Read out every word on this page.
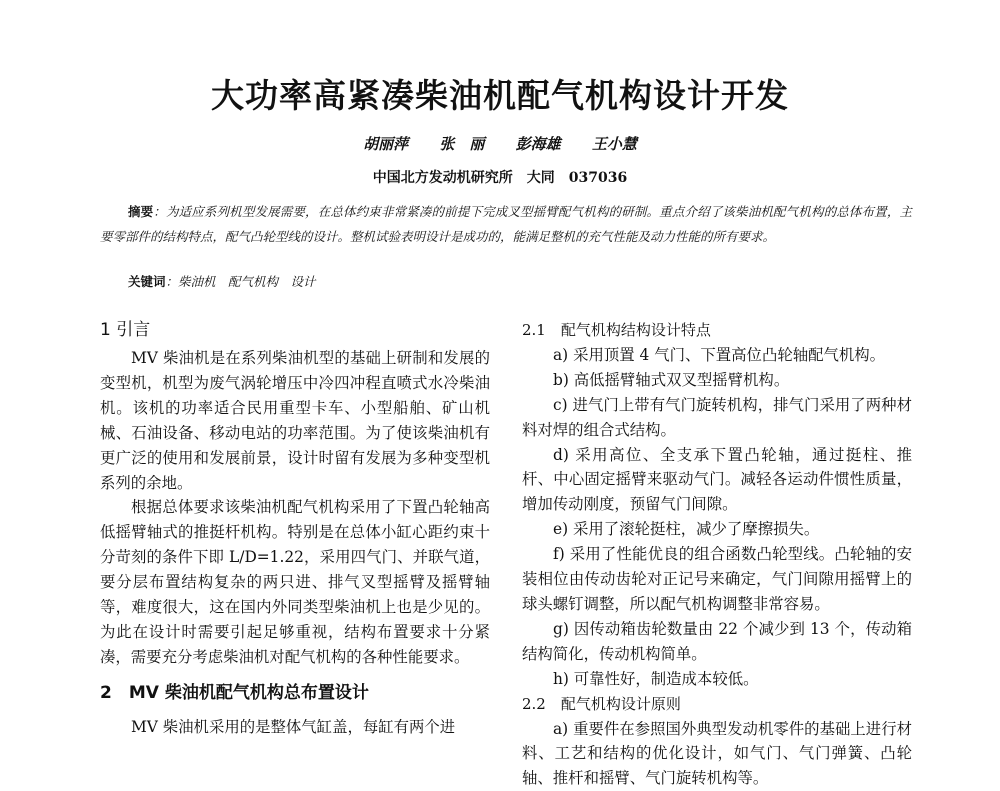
大功率高紧凑柴油机配气机构设计开发
胡丽萍 张　丽 彭海雄 王小慧
中国北方发动机研究所　大同　037036
摘要：为适应系列机型发展需要，在总体约束非常紧凑的前提下完成叉型摇臂配气机构的研制。重点介绍了该柴油机配气机构的总体布置，主要零部件的结构特点，配气凸轮型线的设计。整机试验表明设计是成功的，能满足整机的充气性能及动力性能的所有要求。
关键词：柴油机　配气机构　设计
1 引言

MV 柴油机是在系列柴油机型的基础上研制和发展的变型机，机型为废气涡轮增压中冷四冲程直喷式水冷柴油机。该机的功率适合民用重型卡车、小型船舶、矿山机械、石油设备、移动电站的功率范围。为了使该柴油机有更广泛的使用和发展前景，设计时留有发展为多种变型机系列的余地。

根据总体要求该柴油机配气机构采用了下置凸轮轴高低摇臂轴式的推挺杆机构。特别是在总体小缸心距约束十分苛刻的条件下即 L/D=1.22，采用四气门、并联气道，要分层布置结构复杂的两只进、排气叉型摇臂及摇臂轴等，难度很大，这在国内外同类型柴油机上也是少见的。为此在设计时需要引起足够重视，结构布置要求十分紧凑，需要充分考虑柴油机对配气机构的各种性能要求。

2　MV 柴油机配气机构总布置设计

MV 柴油机采用的是整体气缸盖，每缸有两个进

2.1　配气机构结构设计特点

a) 采用顶置 4 气门、下置高位凸轮轴配气机构。

b) 高低摇臂轴式双叉型摇臂机构。

c) 进气门上带有气门旋转机构，排气门采用了两种材料对焊的组合式结构。

d) 采用高位、全支承下置凸轮轴，通过挺柱、推杆、中心固定摇臂来驱动气门。减轻各运动件惯性质量，增加传动刚度，预留气门间隙。

e) 采用了滚轮挺柱，减少了摩擦损失。

f) 采用了性能优良的组合函数凸轮型线。凸轮轴的安装相位由传动齿轮对正记号来确定，气门间隙用摇臂上的球头螺钉调整，所以配气机构调整非常容易。

g) 因传动箱齿轮数量由 22 个减少到 13 个，传动箱结构简化，传动机构简单。

h) 可靠性好，制造成本较低。

2.2　配气机构设计原则

a) 重要件在参照国外典型发动机零件的基础上进行材料、工艺和结构的优化设计，如气门、气门弹簧、凸轮轴、推杆和摇臂、气门旋转机构等。
